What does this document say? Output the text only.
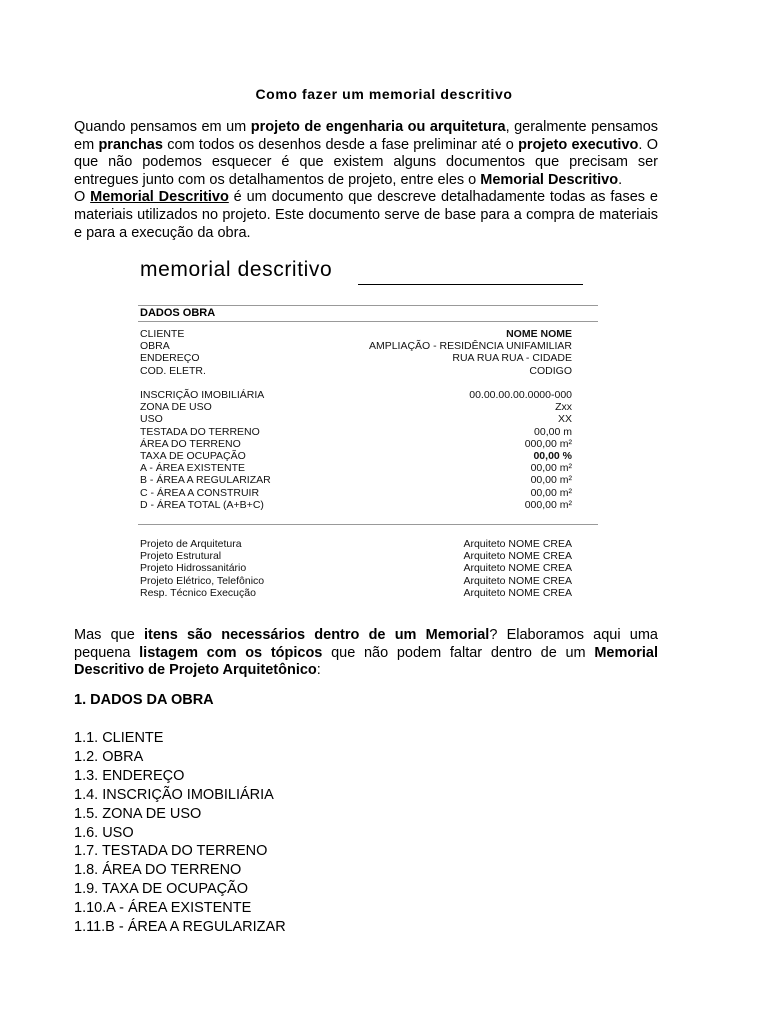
Como fazer um memorial descritivo

Quando pensamos em um projeto de engenharia ou arquitetura, geralmente pensamos em pranchas com todos os desenhos desde a fase preliminar até o projeto executivo. O que não podemos esquecer é que existem alguns documentos que precisam ser entregues junto com os detalhamentos de projeto, entre eles o Memorial Descritivo.

O Memorial Descritivo é um documento que descreve detalhadamente todas as fases e materiais utilizados no projeto. Este documento serve de base para a compra de materiais e para a execução da obra.

memorial descritivo
DADOS OBRA
CLIENTE	NOME NOME
OBRA	AMPLIAÇÃO - RESIDÊNCIA UNIFAMILIAR
ENDEREÇO	RUA RUA RUA - CIDADE
COD. ELETR.	CODIGO
INSCRIÇÃO IMOBILIÁRIA	00.00.00.00.0000-000
ZONA DE USO	Zxx
USO	XX
TESTADA DO TERRENO	00,00 m
ÁREA DO TERRENO	000,00 m²
TAXA DE OCUPAÇÃO	00,00 %
A - ÁREA EXISTENTE	00,00 m²
B - ÁREA A REGULARIZAR	00,00 m²
C - ÁREA A CONSTRUIR	00,00 m²
D - ÁREA TOTAL (A+B+C)	000,00 m²
Projeto de Arquitetura	Arquiteto NOME CREA
Projeto Estrutural	Arquiteto NOME CREA
Projeto Hidrossanitário	Arquiteto NOME CREA
Projeto Elétrico, Telefônico	Arquiteto NOME CREA
Resp. Técnico Execução	Arquiteto NOME CREA

Mas que itens são necessários dentro de um Memorial? Elaboramos aqui uma pequena listagem com os tópicos que não podem faltar dentro de um Memorial Descritivo de Projeto Arquitetônico:

1. DADOS DA OBRA
1.1. CLIENTE
1.2. OBRA
1.3. ENDEREÇO
1.4. INSCRIÇÃO IMOBILIÁRIA
1.5. ZONA DE USO
1.6. USO
1.7. TESTADA DO TERRENO
1.8. ÁREA DO TERRENO
1.9. TAXA DE OCUPAÇÃO
1.10.A - ÁREA EXISTENTE
1.11.B - ÁREA A REGULARIZAR
